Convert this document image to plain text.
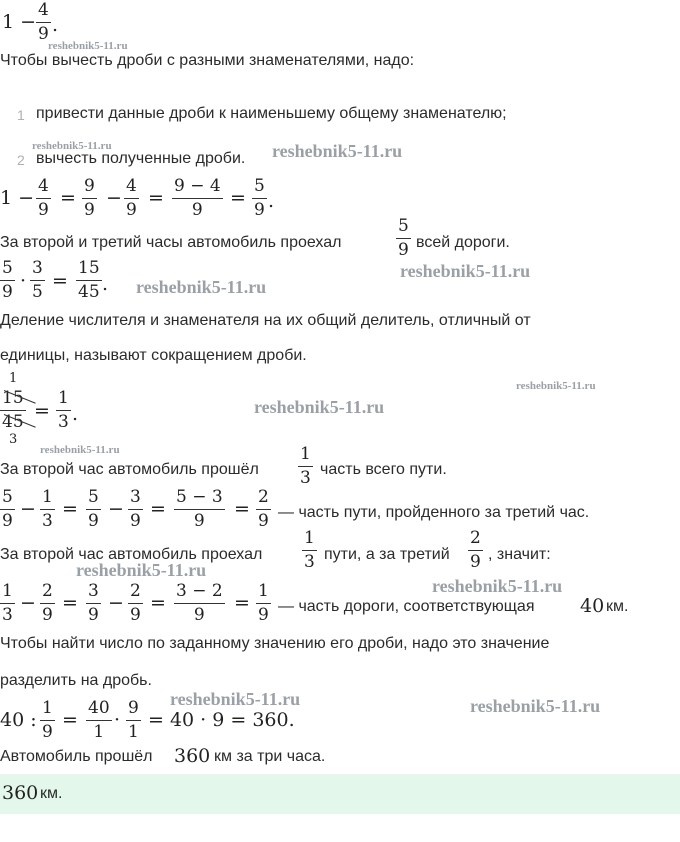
1 −
4
9 .
reshebnik5-11.ru
Чтобы вычесть дроби с разными знаменателями, надо:
1 привести данные дроби к наименьшему общему знаменателю;
reshebnik5-11.ru
2 вычесть полученные дроби. reshebnik5-11.ru
1 −
4
9
=
9
9
−
4
9
=
9 − 4
9
=
5
9 .
За второй и третий часы автомобиль проехал
5
9 всей дороги.
reshebnik5-11.ru
5
9 ·
3
5 =
15
45 . reshebnik5-11.ru
Деление числителя и знаменателя на их общий делитель, отличный от
единицы, называют сокращением дроби.
1
15
45
3
=
1
3 .	reshebnik5-11.ru
reshebnik5-11.ru
reshebnik5-11.ru
За второй час автомобиль прошёл
1
3 часть всего пути.
5
9
−
1
3
=
5
9
−
3
9
=
5 − 3
9
=
2
9 — часть пути, пройденного за третий час.
За второй час автомобиль проехал
1
3 пути, а за третий
2
9 , значит:
reshebnik5-11.ru
reshebnik5-11.ru
1
3
−
2
9
=
3
9
−
2
9
=
3 − 2
9
=
1
9 — часть дороги, соответствующая 40 км.
Чтобы найти число по заданному значению его дроби, надо это значение
разделить на дробь.
reshebnik5-11.ru	reshebnik5-11.ru
40 :
1
9
=
40
1
·
9
1
= 40 · 9 = 360.
Автомобиль прошёл 360 км за три часа.
360 км.
